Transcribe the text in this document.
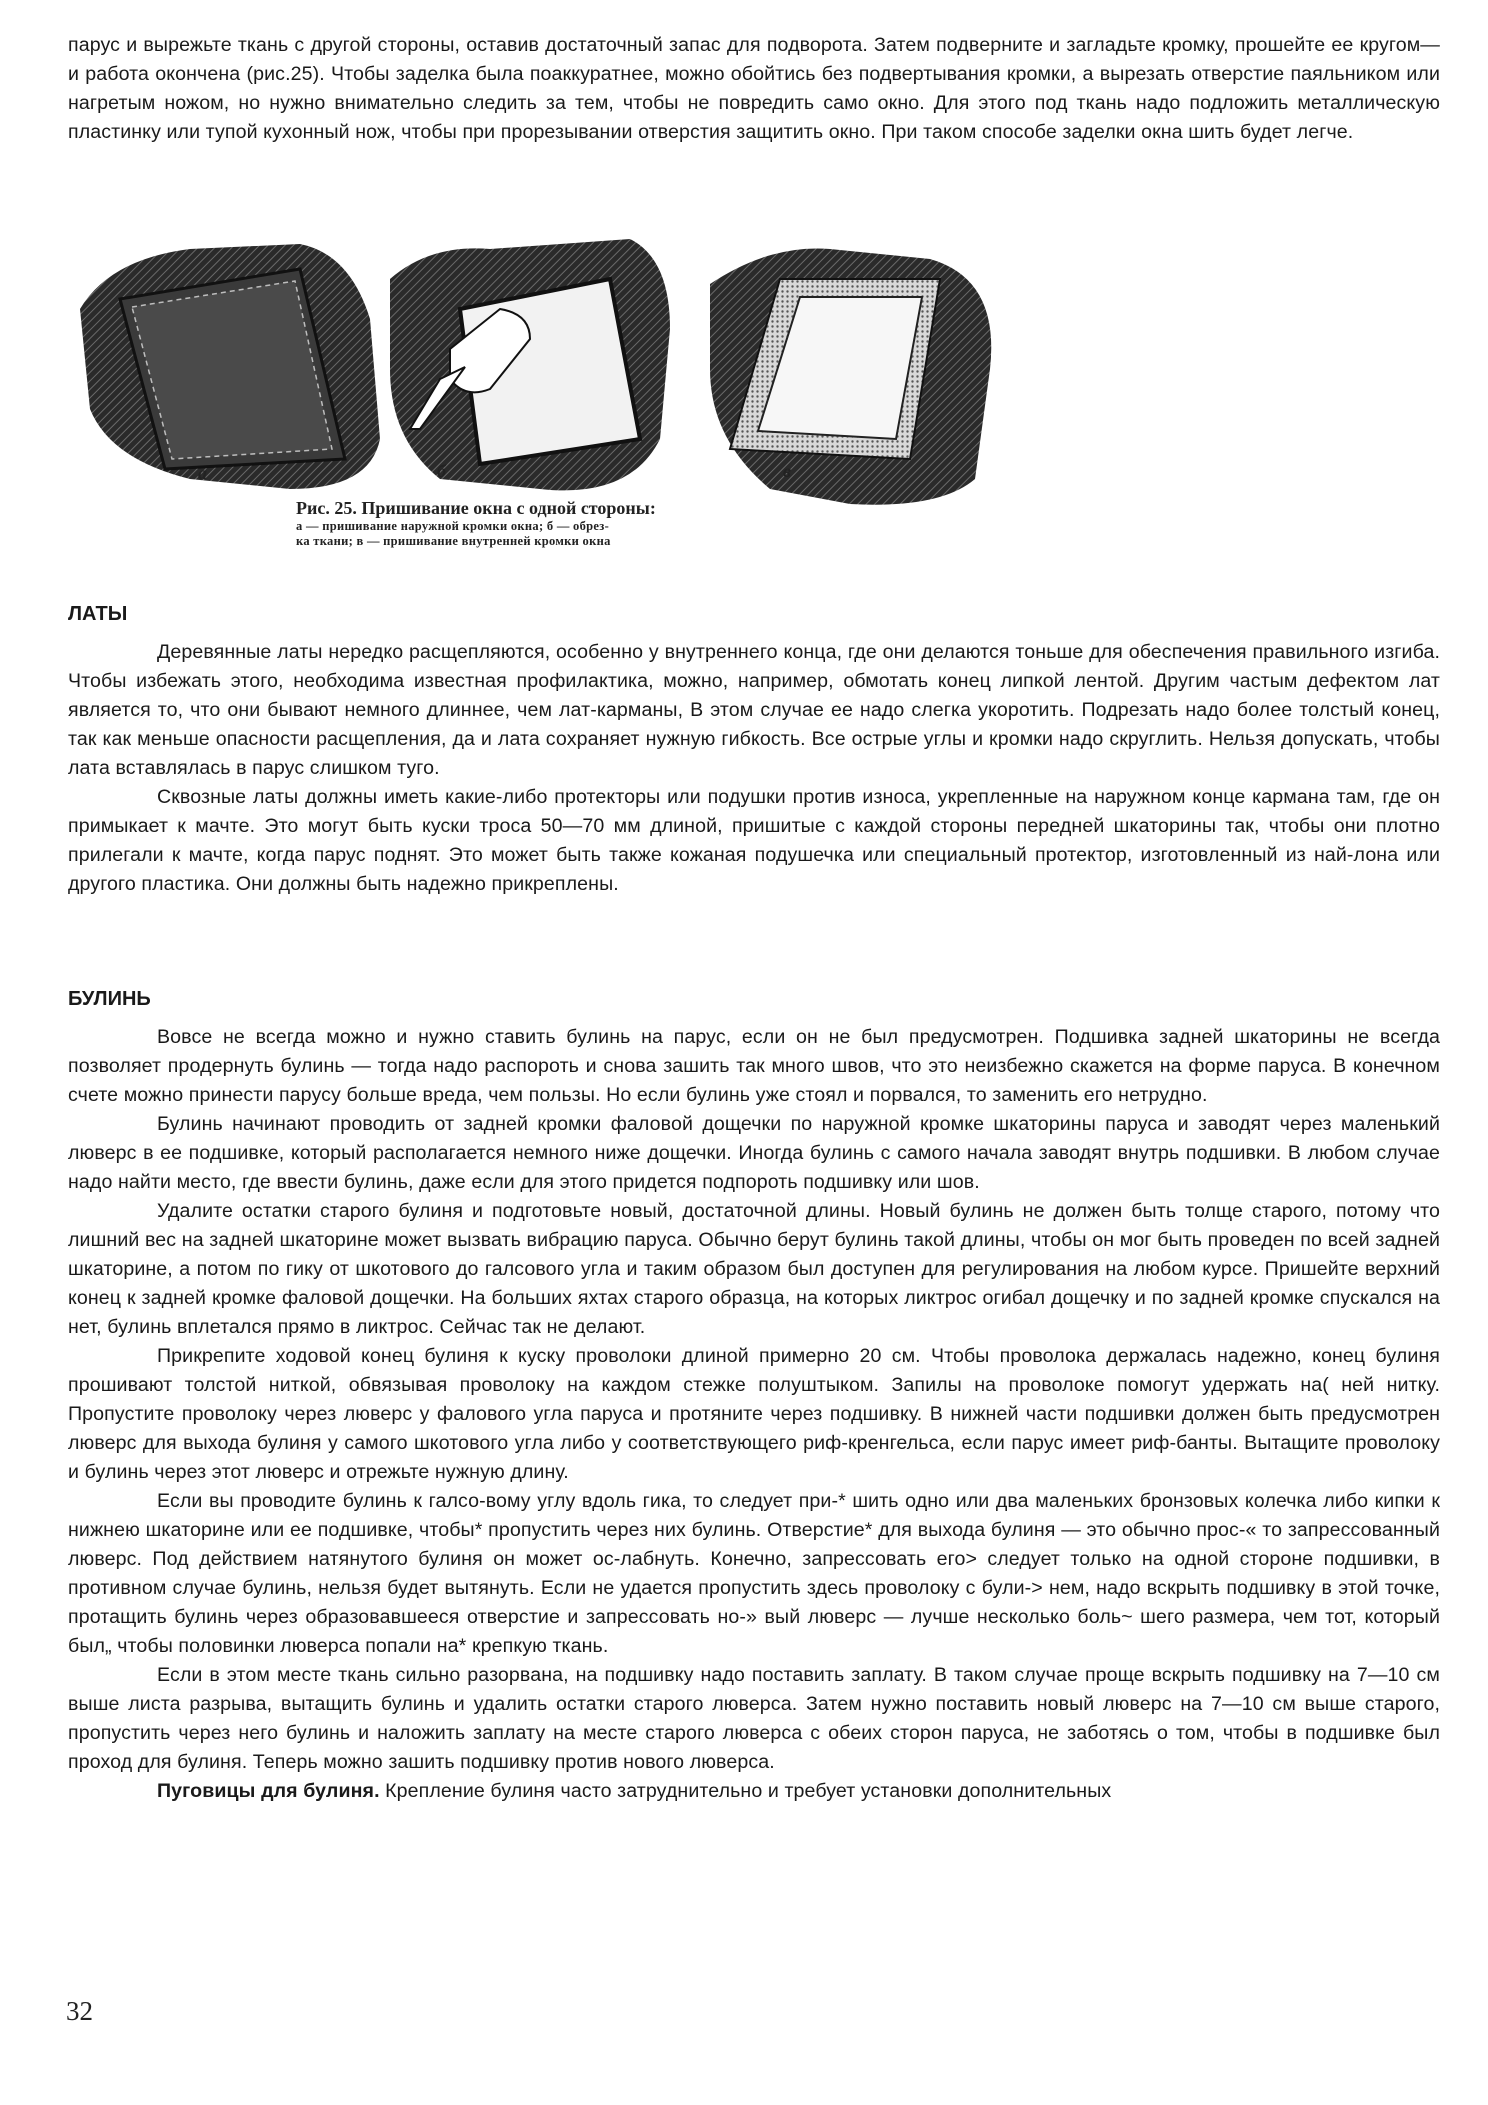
парус и вырежьте ткань с другой стороны, оставив достаточный запас для подворота. Затем подверните и загладьте кромку, прошейте ее кругом— и работа окончена (рис.25). Чтобы заделка была поаккуратнее, можно обойтись без подвертывания кромки, а вырезать отверстие паяльником или нагретым ножом, но нужно внимательно следить за тем, чтобы не повредить само окно. Для этого под ткань надо подложить металлическую пластинку или тупой кухонный нож, чтобы при прорезывании отверстия защитить окно. При таком способе заделки окна шить будет легче.

а	б	в
Рис. 25. Пришивание окна с одной стороны:
а — пришивание наружной кромки окна; б — обрез-
ка ткани; в — пришивание внутренней кромки окна

ЛАТЫ

Деревянные латы нередко расщепляются, особенно у внутреннего конца, где они делаются тоньше для обеспечения правильного изгиба. Чтобы избежать этого, необходима известная профилактика, можно, например, обмотать конец липкой лентой. Другим частым дефектом лат является то, что они бывают немного длиннее, чем лат-карманы, В этом случае ее надо слегка укоротить. Подрезать надо более толстый конец, так как меньше опасности расщепления, да и лата сохраняет нужную гибкость. Все острые углы и кромки надо скруглить. Нельзя допускать, чтобы лата вставлялась в парус слишком туго.

Сквозные латы должны иметь какие-либо протекторы или подушки против износа, укрепленные на наружном конце кармана там, где он примыкает к мачте. Это могут быть куски троса 50—70 мм длиной, пришитые с каждой стороны передней шкаторины так, чтобы они плотно прилегали к мачте, когда парус поднят. Это может быть также кожаная подушечка или специальный протектор, изготовленный из най-лона или другого пластика. Они должны быть надежно прикреплены.

БУЛИНЬ

Вовсе не всегда можно и нужно ставить булинь на парус, если он не был предусмотрен. Подшивка задней шкаторины не всегда позволяет продернуть булинь — тогда надо распороть и снова зашить так много швов, что это неизбежно скажется на форме паруса. В конечном счете можно принести парусу больше вреда, чем пользы. Но если булинь уже стоял и порвался, то заменить его нетрудно.

Булинь начинают проводить от задней кромки фаловой дощечки по наружной кромке шкаторины паруса и заводят через маленький люверс в ее подшивке, который располагается немного ниже дощечки. Иногда булинь с самого начала заводят внутрь подшивки. В любом случае надо найти место, где ввести булинь, даже если для этого придется подпороть подшивку или шов.

Удалите остатки старого булиня и подготовьте новый, достаточной длины. Новый булинь не должен быть толще старого, потому что лишний вес на задней шкаторине может вызвать вибрацию паруса. Обычно берут булинь такой длины, чтобы он мог быть проведен по всей задней шкаторине, а потом по гику от шкотового до галсового угла и таким образом был доступен для регулирования на любом курсе. Пришейте верхний конец к задней кромке фаловой дощечки. На больших яхтах старого образца, на которых ликтрос огибал дощечку и по задней кромке спускался на нет, булинь вплетался прямо в ликтрос. Сейчас так не делают.

Прикрепите ходовой конец булиня к куску проволоки длиной примерно 20 см. Чтобы проволока держалась надежно, конец булиня прошивают толстой ниткой, обвязывая проволоку на каждом стежке полуштыком. Запилы на проволоке помогут удержать на( ней нитку. Пропустите проволоку через люверс у фалового угла паруса и протяните через подшивку. В нижней части подшивки должен быть предусмотрен люверс для выхода булиня у самого шкотового угла либо у соответствующего риф-кренгельса, если парус имеет риф-банты. Вытащите проволоку и булинь через этот люверс и отрежьте нужную длину.

Если вы проводите булинь к галсо-вому углу вдоль гика, то следует при-* шить одно или два маленьких бронзовых колечка либо кипки к нижнею шкаторине или ее подшивке, чтобы* пропустить через них булинь. Отверстие* для выхода булиня — это обычно прос-« то запрессованный люверс. Под действием натянутого булиня он может ос-лабнуть. Конечно, запрессовать его> следует только на одной стороне подшивки, в противном случае булинь, нельзя будет вытянуть. Если не удается пропустить здесь проволоку с були-> нем, надо вскрыть подшивку в этой точке, протащить булинь через образовавшееся отверстие и запрессовать но-» вый люверс — лучше несколько боль~ шего размера, чем тот, который был„ чтобы половинки люверса попали на* крепкую ткань.

Если в этом месте ткань сильно разорвана, на подшивку надо поставить заплату. В таком случае проще вскрыть подшивку на 7—10 см выше листа разрыва, вытащить булинь и удалить остатки старого люверса. Затем нужно поставить новый люверс на 7—10 см выше старого, пропустить через него булинь и наложить заплату на месте старого люверса с обеих сторон паруса, не заботясь о том, чтобы в подшивке был проход для булиня. Теперь можно зашить подшивку против нового люверса.

Пуговицы для булиня. Крепление булиня часто затруднительно и требует установки дополнительных

32
